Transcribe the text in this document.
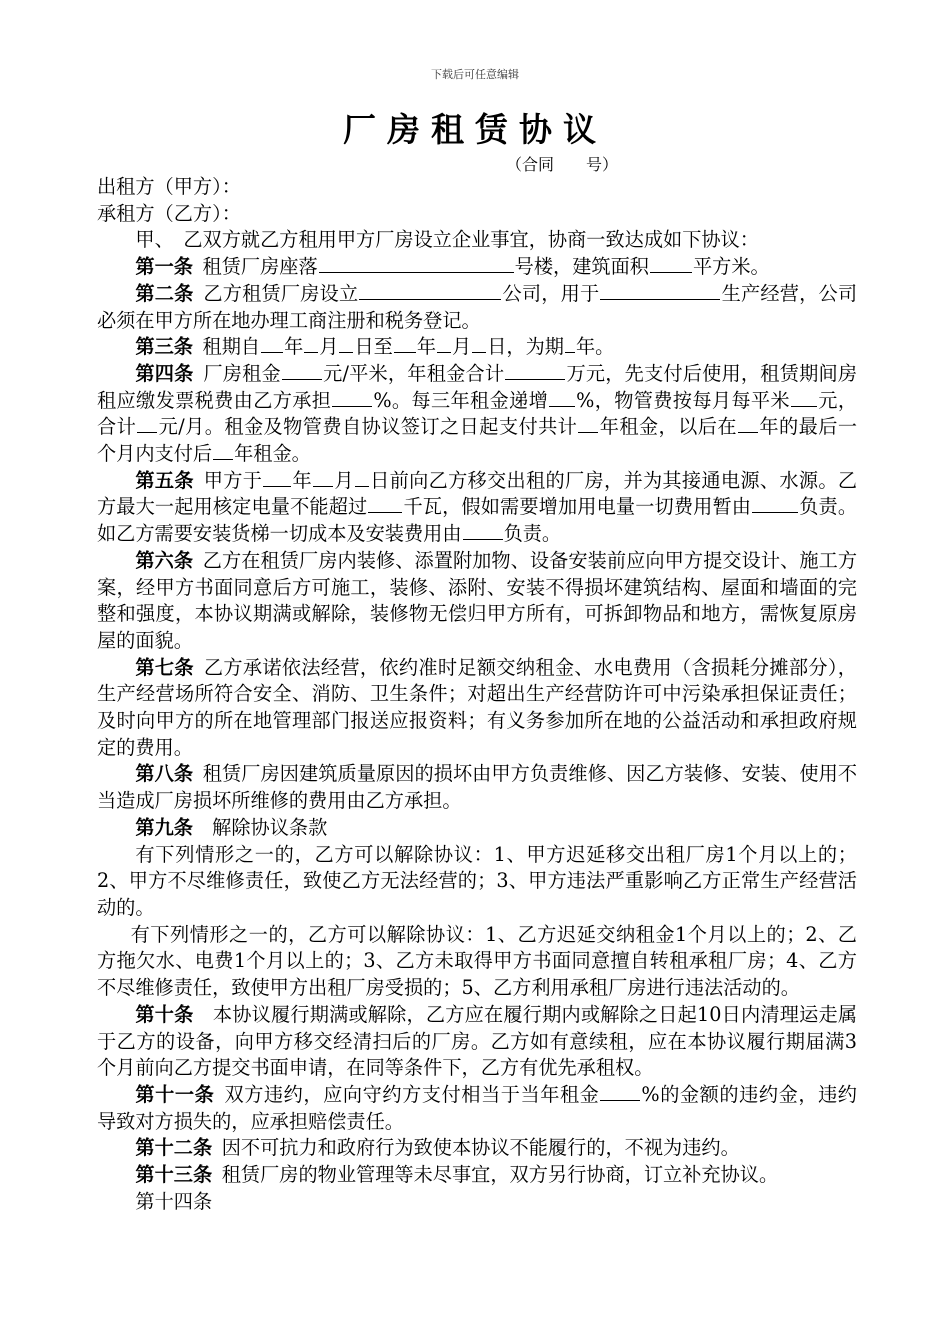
下载后可任意编辑
厂房租赁协议
（合同　　号）

出租方（甲方）：

承租方（乙方）：

甲、　乙双方就乙方租用甲方厂房设立企业事宜，协商一致达成如下协议：

第一条 租赁厂房座落	号楼，建筑面积 平方米。

第二条 乙方租赁厂房设立	公司，用于	生产经营，公司必须在甲方所在地办理工商注册和税务登记。

第三条 租期自 年 月 日至 年 月 日，为期 年。

第四条 厂房租金 元/平米，年租金合计	万元，先支付后使用，租赁期间房租应缴发票税费由乙方承担 %。每三年租金递增 %，物管费按每月每平米 元，合计 元/月。租金及物管费自协议签订之日起支付共计 年租金，以后在 年的最后一个月内支付后 年租金。

第五条 甲方于 年 月 日前向乙方移交出租的厂房，并为其接通电源、水源。乙方最大一起用核定电量不能超过 千瓦，假如需要增加用电量一切费用暂由	负责。如乙方需要安装货梯一切成本及安装费用由 负责。

第六条 乙方在租赁厂房内装修、添置附加物、设备安装前应向甲方提交设计、施工方案，经甲方书面同意后方可施工，装修、添附、安装不得损坏建筑结构、屋面和墙面的完整和强度，本协议期满或解除，装修物无偿归甲方所有，可拆卸物品和地方，需恢复原房屋的面貌。

第七条 乙方承诺依法经营，依约准时足额交纳租金、水电费用（含损耗分摊部分），生产经营场所符合安全、消防、卫生条件；对超出生产经营防许可中污染承担保证责任；及时向甲方的所在地管理部门报送应报资料；有义务参加所在地的公益活动和承担政府规定的费用。

第八条 租赁厂房因建筑质量原因的损坏由甲方负责维修、因乙方装修、安装、使用不当造成厂房损坏所维修的费用由乙方承担。

第九条 解除协议条款

有下列情形之一的，乙方可以解除协议：1、甲方迟延移交出租厂房1个月以上的；2、甲方不尽维修责任，致使乙方无法经营的；3、甲方违法严重影响乙方正常生产经营活动的。

有下列情形之一的，乙方可以解除协议：1、乙方迟延交纳租金1个月以上的；2、乙方拖欠水、电费1个月以上的；3、乙方未取得甲方书面同意擅自转租承租厂房；4、乙方不尽维修责任，致使甲方出租厂房受损的；5、乙方利用承租厂房进行违法活动的。

第十条 本协议履行期满或解除，乙方应在履行期内或解除之日起10日内清理运走属于乙方的设备，向甲方移交经清扫后的厂房。乙方如有意续租，应在本协议履行期届满3个月前向乙方提交书面申请，在同等条件下，乙方有优先承租权。

第十一条 双方违约，应向守约方支付相当于当年租金 %的金额的违约金，违约导致对方损失的，应承担赔偿责任。

第十二条 因不可抗力和政府行为致使本协议不能履行的，不视为违约。

第十三条 租赁厂房的物业管理等未尽事宜，双方另行协商，订立补充协议。

第十四条
